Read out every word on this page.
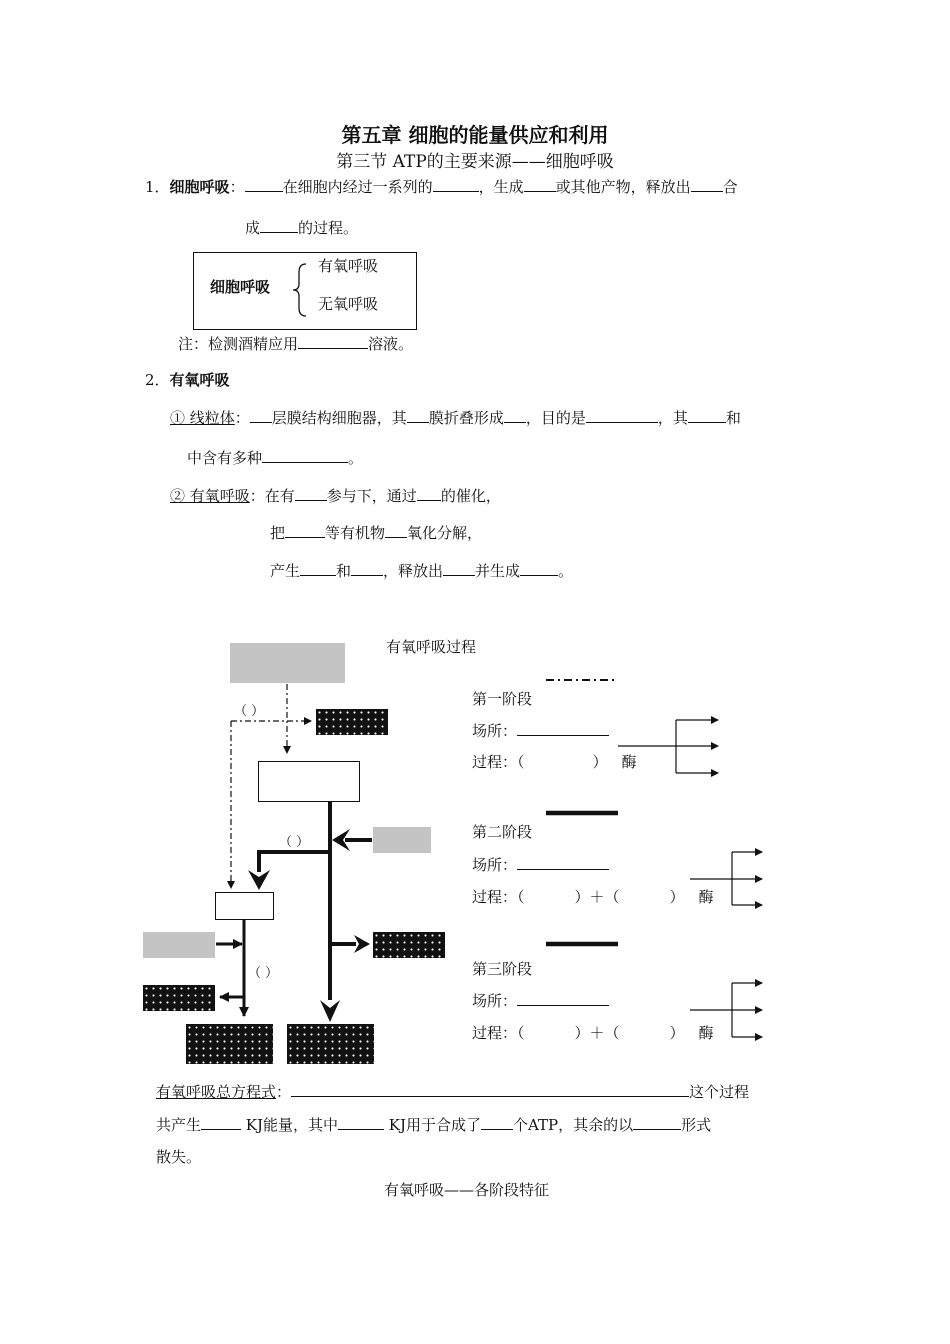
第五章 细胞的能量供应和利用
第三节 ATP的主要来源——细胞呼吸
1．细胞呼吸：	在细胞内经过一系列的	，生成 或其他产物，释放出 合
成	的过程。
细胞呼吸
有氧呼吸
无氧呼吸
注：检测酒精应用	溶液。
2．有氧呼吸
① 线粒体： 层膜结构细胞器，其 膜折叠形成 ，目的是	，其	和
中含有多种	。
② 有氧呼吸：在有 参与下，通过 的催化，
把	等有机物 氧化分解，
产生 和 ，释放出 并生成	。
有氧呼吸过程
（ ）
（ ）
（ ）
第一阶段
场所：
过程：（	） 酶
第二阶段
场所：
过程：（	）＋（	） 酶
第三阶段
场所：
过程：（	）＋（	） 酶
有氧呼吸总方程式：	这个过程
共产生	KJ能量，其中	KJ用于合成了 个ATP，其余的以	形式
散失。
有氧呼吸——各阶段特征
